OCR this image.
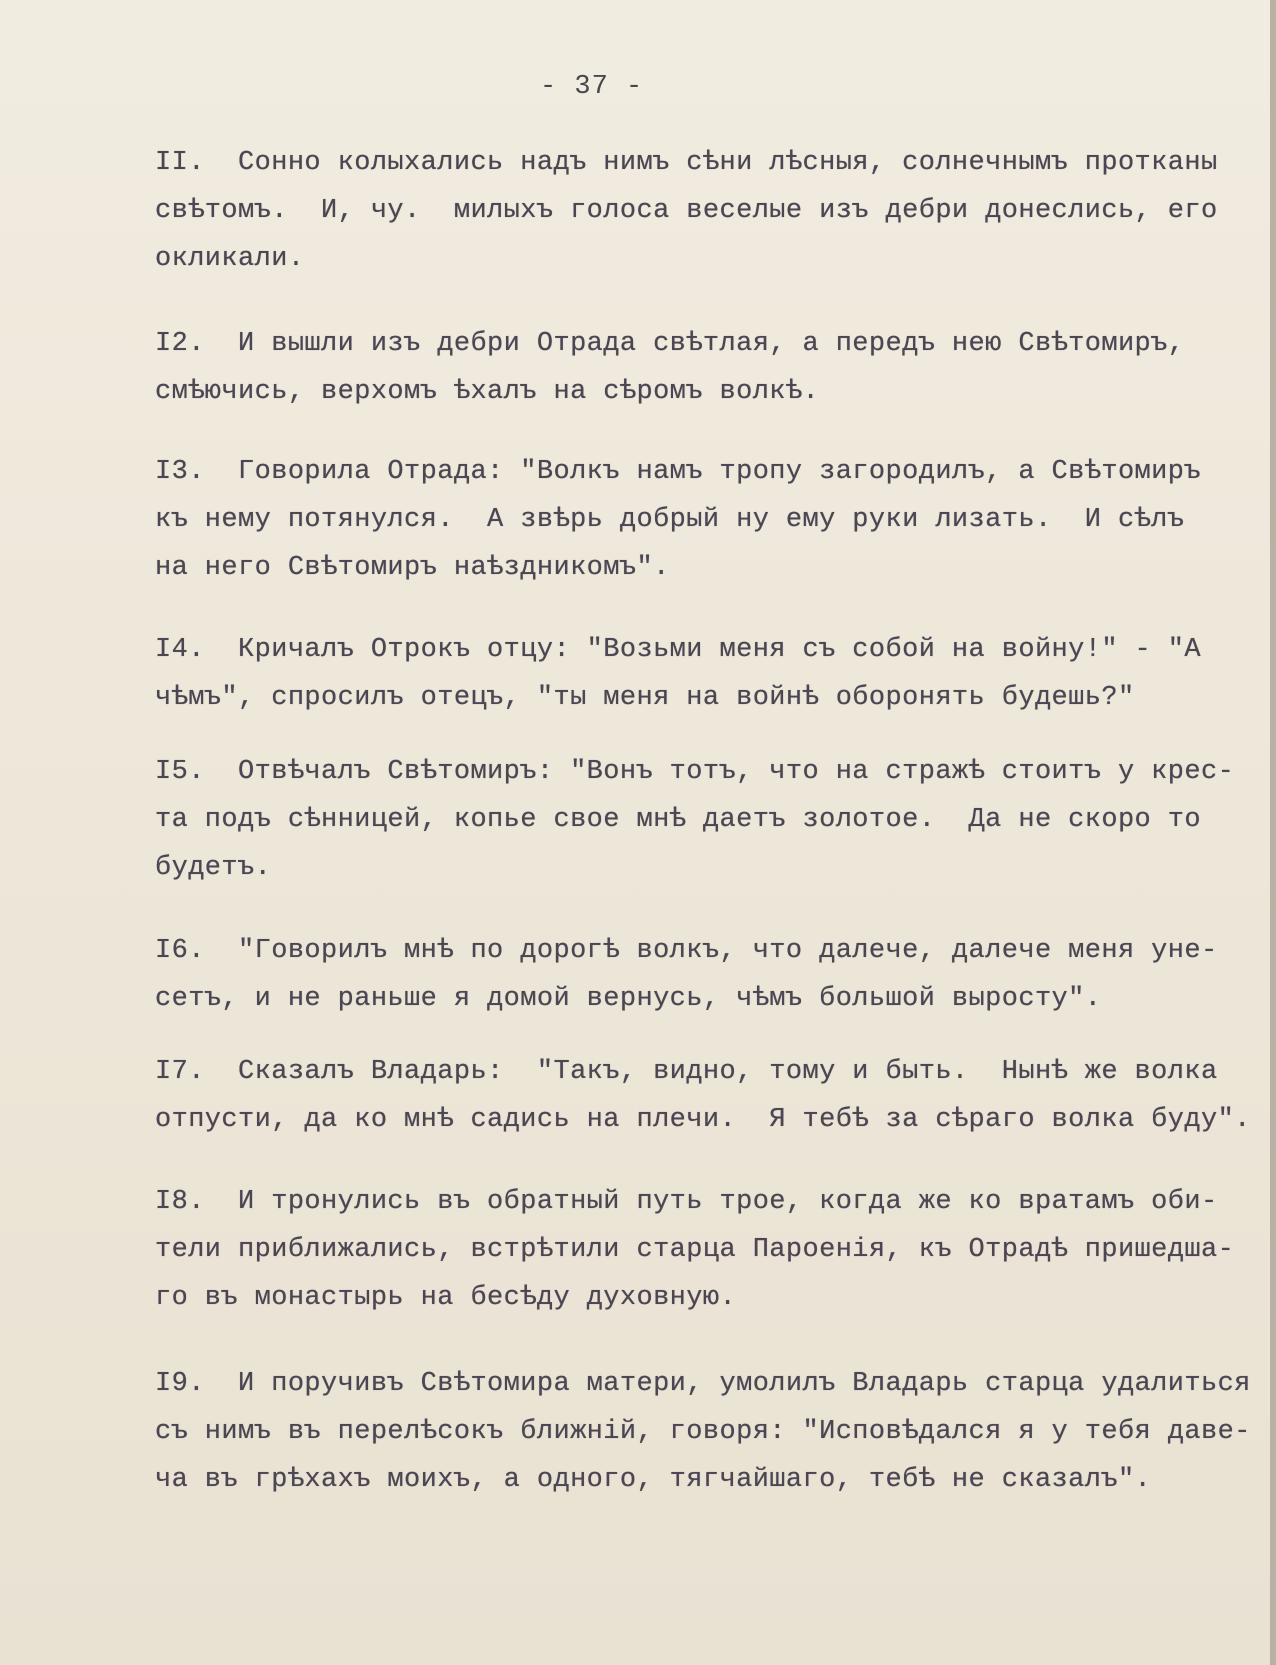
- 37 -
II.  Сонно колыхались надъ нимъ сѣни лѣсныя, солнечнымъ протканы
свѣтомъ.  И, чу.  милыхъ голоса веселые изъ дебри донеслись, его
окликали.
I2.  И вышли изъ дебри Отрада свѣтлая, а передъ нею Свѣтомиръ,
смѣючись, верхомъ ѣхалъ на сѣромъ волкѣ.
I3.  Говорила Отрада: "Волкъ намъ тропу загородилъ, а Свѣтомиръ
къ нему потянулся.  А звѣрь добрый ну ему руки лизать.  И сѣлъ
на него Свѣтомиръ наѣздникомъ".
I4.  Кричалъ Отрокъ отцу: "Возьми меня съ собой на войну!" - "А
чѣмъ", спросилъ отецъ, "ты меня на войнѣ оборонять будешь?"
I5.  Отвѣчалъ Свѣтомиръ: "Вонъ тотъ, что на стражѣ стоитъ у крес-
та подъ сѣнницей, копье свое мнѣ даетъ золотое.  Да не скоро то
будетъ.
I6.  "Говорилъ мнѣ по дорогѣ волкъ, что далече, далече меня уне-
сетъ, и не раньше я домой вернусь, чѣмъ большой выросту".
I7.  Сказалъ Владарь:  "Такъ, видно, тому и быть.  Нынѣ же волка
отпусти, да ко мнѣ садись на плечи.  Я тебѣ за сѣраго волка буду".
I8.  И тронулись въ обратный путь трое, когда же ко вратамъ оби-
тели приближались, встрѣтили старца Пароенія, къ Отрадѣ пришедша-
го въ монастырь на бесѣду духовную.
I9.  И поручивъ Свѣтомира матери, умолилъ Владарь старца удалиться
съ нимъ въ перелѣсокъ ближній, говоря: "Исповѣдался я у тебя даве-
ча въ грѣхахъ моихъ, а одного, тягчайшаго, тебѣ не сказалъ".
